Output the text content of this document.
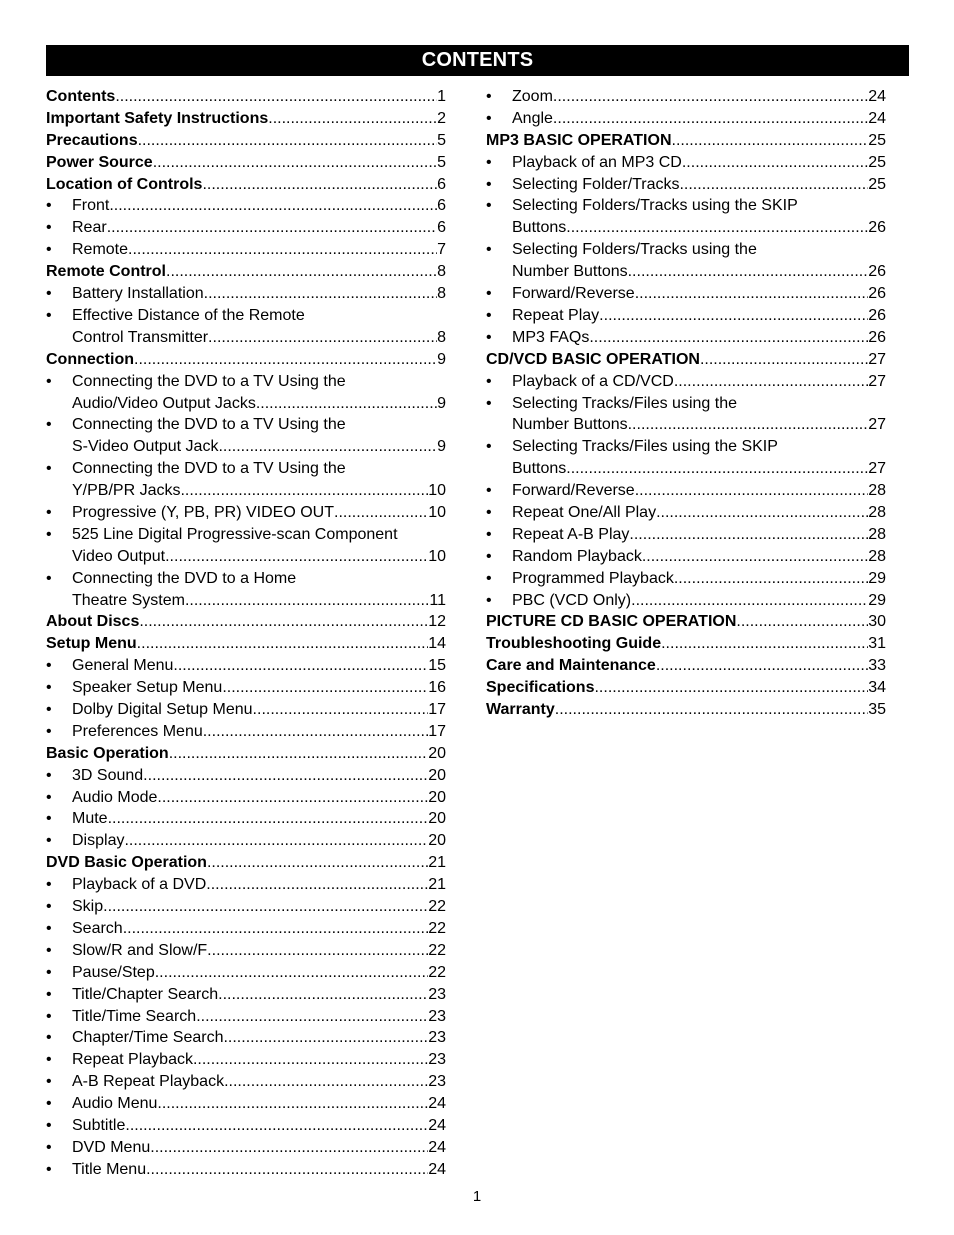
CONTENTS
Contents .....	1
Important Safety Instructions .....	2
Precautions .....	5
Power Source .....	5
Location of Controls .....	6
• Front .....	6
• Rear .....	6
• Remote .....	7
Remote Control .....	8
• Battery Installation .....	8
• Effective Distance of the Remote
Control Transmitter .....	8
Connection .....	9
• Connecting the DVD to a TV Using the
Audio/Video Output Jacks .....	9
• Connecting the DVD to a TV Using the
S-Video Output Jack .....	9
• Connecting the DVD to a TV Using the
Y/PB/PR Jacks .....	10
• Progressive (Y, PB, PR) VIDEO OUT .....	10
• 525 Line Digital Progressive-scan Component
Video Output .....	10
• Connecting the DVD to a Home
Theatre System .....	11
About Discs .....	12
Setup Menu .....	14
• General Menu .....	15
• Speaker Setup Menu .....	16
• Dolby Digital Setup Menu .....	17
• Preferences Menu .....	17
Basic Operation .....	20
• 3D Sound .....	20
• Audio Mode .....	20
• Mute .....	20
• Display .....	20
DVD Basic Operation .....	21
• Playback of a DVD .....	21
• Skip .....	22
• Search .....	22
• Slow/R and Slow/F .....	22
• Pause/Step .....	22
• Title/Chapter Search .....	23
• Title/Time Search .....	23
• Chapter/Time Search .....	23
• Repeat Playback .....	23
• A-B Repeat Playback .....	23
• Audio Menu .....	24
• Subtitle .....	24
• DVD Menu .....	24
• Title Menu .....	24
• Zoom .....	24
• Angle .....	24
MP3 BASIC OPERATION .....	25
• Playback of an MP3 CD .....	25
• Selecting Folder/Tracks .....	25
• Selecting Folders/Tracks using the SKIP
Buttons .....	26
• Selecting Folders/Tracks using the
Number Buttons .....	26
• Forward/Reverse .....	26
• Repeat Play .....	26
• MP3 FAQs .....	26
CD/VCD BASIC OPERATION .....	27
• Playback of a CD/VCD .....	27
• Selecting Tracks/Files using the
Number Buttons .....	27
• Selecting Tracks/Files using the SKIP
Buttons .....	27
• Forward/Reverse .....	28
• Repeat One/All Play .....	28
• Repeat A-B Play .....	28
• Random Playback .....	28
• Programmed Playback .....	29
• PBC (VCD Only) .....	29
PICTURE CD BASIC OPERATION .....	30
Troubleshooting Guide .....	31
Care and Maintenance .....	33
Specifications .....	34
Warranty .....	35
1
